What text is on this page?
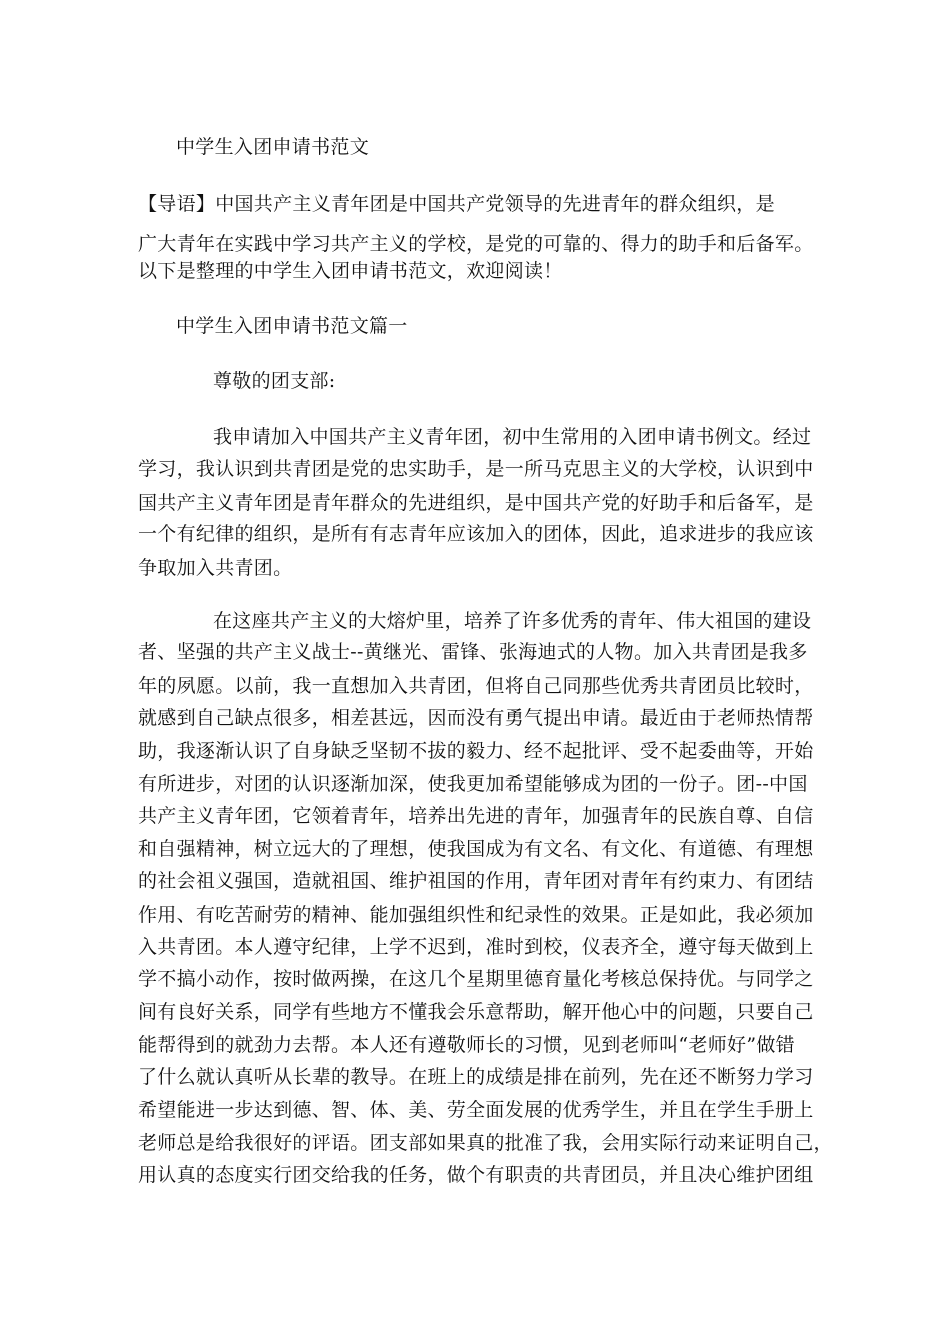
中学生入团申请书范文
【导语】中国共产主义青年团是中国共产党领导的先进青年的群众组织，是
广大青年在实践中学习共产主义的学校，是党的可靠的、得力的助手和后备军。
以下是整理的中学生入团申请书范文，欢迎阅读！
中学生入团申请书范文篇一
尊敬的团支部:
我申请加入中国共产主义青年团，初中生常用的入团申请书例文。经过
学习，我认识到共青团是党的忠实助手，是一所马克思主义的大学校，认识到中
国共产主义青年团是青年群众的先进组织，是中国共产党的好助手和后备军，是
一个有纪律的组织，是所有有志青年应该加入的团体，因此，追求进步的我应该
争取加入共青团。
在这座共产主义的大熔炉里，培养了许多优秀的青年、伟大祖国的建设
者、坚强的共产主义战士--黄继光、雷锋、张海迪式的人物。加入共青团是我多
年的夙愿。以前，我一直想加入共青团，但将自己同那些优秀共青团员比较时，
就感到自己缺点很多，相差甚远，因而没有勇气提出申请。最近由于老师热情帮
助，我逐渐认识了自身缺乏坚韧不拔的毅力、经不起批评、受不起委曲等，开始
有所进步，对团的认识逐渐加深，使我更加希望能够成为团的一份子。团--中国
共产主义青年团，它领着青年，培养出先进的青年，加强青年的民族自尊、自信
和自强精神，树立远大的了理想，使我国成为有文名、有文化、有道德、有理想
的社会祖义强国，造就祖国、维护祖国的作用，青年团对青年有约束力、有团结
作用、有吃苦耐劳的精神、能加强组织性和纪录性的效果。正是如此，我必须加
入共青团。本人遵守纪律，上学不迟到，准时到校，仪表齐全，遵守每天做到上
学不搞小动作，按时做两操，在这几个星期里德育量化考核总保持优。与同学之
间有良好关系，同学有些地方不懂我会乐意帮助，解开他心中的问题，只要自己
能帮得到的就劲力去帮。本人还有遵敬师长的习惯，见到老师叫“老师好”做错
了什么就认真听从长辈的教导。在班上的成绩是排在前列，先在还不断努力学习
希望能进一步达到德、智、体、美、劳全面发展的优秀学生，并且在学生手册上
老师总是给我很好的评语。团支部如果真的批准了我，会用实际行动来证明自己，
用认真的态度实行团交给我的任务，做个有职责的共青团员，并且决心维护团组
